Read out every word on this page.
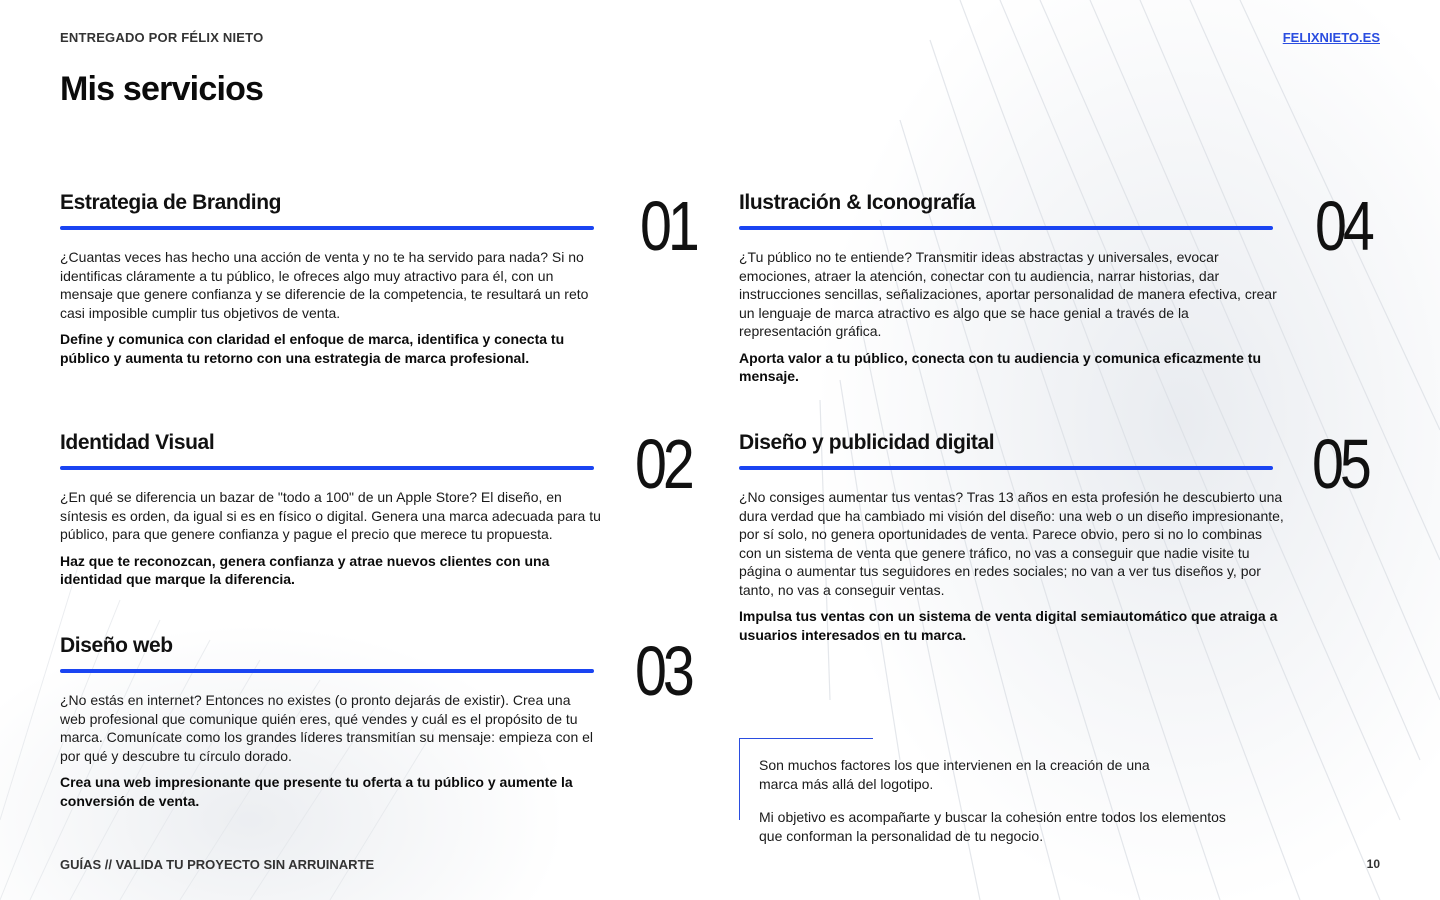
ENTREGADO POR FÉLIX NIETO	FELIXNIETO.ES
Mis servicios
Estrategia de Branding

¿Cuantas veces has hecho una acción de venta y no te ha servido para nada? Si no identificas cláramente a tu público, le ofreces algo muy atractivo para él, con un mensaje que genere confianza y se diferencie de la competencia, te resultará un reto casi imposible cumplir tus objetivos de venta.

Define y comunica con claridad el enfoque de marca, identifica y conecta tu público y aumenta tu retorno con una estrategia de marca profesional.

01
Identidad Visual

¿En qué se diferencia un bazar de "todo a 100" de un Apple Store? El diseño, en síntesis es orden, da igual si es en físico o digital. Genera una marca adecuada para tu público, para que genere confianza y pague el precio que merece tu propuesta.

Haz que te reconozcan, genera confianza y atrae nuevos clientes con una identidad que marque la diferencia.

02
Diseño web

¿No estás en internet? Entonces no existes (o pronto dejarás de existir). Crea una web profesional que comunique quién eres, qué vendes y cuál es el propósito de tu marca. Comunícate como los grandes líderes transmitían su mensaje: empieza con el por qué y descubre tu círculo dorado.

Crea una web impresionante que presente tu oferta a tu público y aumente la conversión de venta.

03
Ilustración & Iconografía

¿Tu público no te entiende? Transmitir ideas abstractas y universales, evocar emociones, atraer la atención, conectar con tu audiencia, narrar historias, dar instrucciones sencillas, señalizaciones, aportar personalidad de manera efectiva, crear un lenguaje de marca atractivo es algo que se hace genial a través de la representación gráfica.

Aporta valor a tu público, conecta con tu audiencia y comunica eficazmente tu mensaje.

04
Diseño y publicidad digital

¿No consiges aumentar tus ventas? Tras 13 años en esta profesión he descubierto una dura verdad que ha cambiado mi visión del diseño: una web o un diseño impresionante, por sí solo, no genera oportunidades de venta. Parece obvio, pero si no lo combinas con un sistema de venta que genere tráfico, no vas a conseguir que nadie visite tu página o aumentar tus seguidores en redes sociales; no van a ver tus diseños y, por tanto, no vas a conseguir ventas.

Impulsa tus ventas con un sistema de venta digital semiautomático que atraiga a usuarios interesados en tu marca.

05

Son muchos factores los que intervienen en la creación de una marca más allá del logotipo.

Mi objetivo es acompañarte y buscar la cohesión entre todos los elementos que conforman la personalidad de tu negocio.

GUÍAS // VALIDA TU PROYECTO SIN ARRUINARTE	10
